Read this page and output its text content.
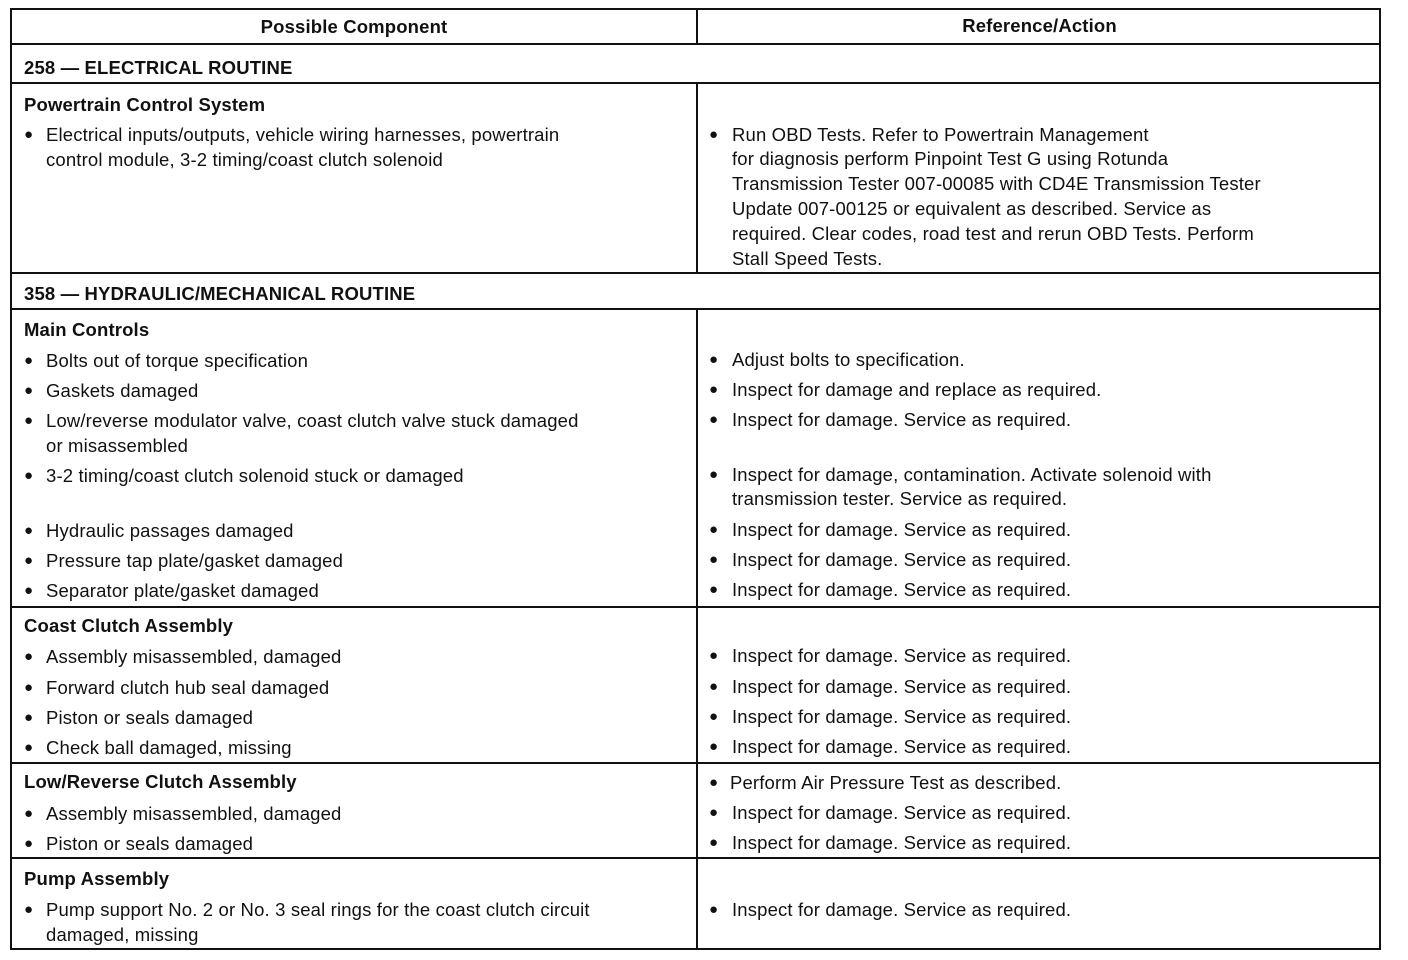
Possible Component	Reference/Action
258 — ELECTRICAL ROUTINE
358 — HYDRAULIC/MECHANICAL ROUTINE
Powertrain Control System
Main Controls
Coast Clutch Assembly
Low/Reverse Clutch Assembly
Pump Assembly
● Electrical inputs/outputs, vehicle wiring harnesses, powertrain
control module, 3-2 timing/coast clutch solenoid
● Run OBD Tests. Refer to Powertrain Management
for diagnosis perform Pinpoint Test G using Rotunda
Transmission Tester 007-00085 with CD4E Transmission Tester
Update 007-00125 or equivalent as described. Service as
required. Clear codes, road test and rerun OBD Tests. Perform
Stall Speed Tests.
● Bolts out of torque specification
● Gaskets damaged
● Low/reverse modulator valve, coast clutch valve stuck damaged
or misassembled
● 3-2 timing/coast clutch solenoid stuck or damaged
● Hydraulic passages damaged
● Pressure tap plate/gasket damaged
● Separator plate/gasket damaged
● Adjust bolts to specification.
● Inspect for damage and replace as required.
● Inspect for damage. Service as required.
● Inspect for damage, contamination. Activate solenoid with
transmission tester. Service as required.
● Inspect for damage. Service as required.
● Inspect for damage. Service as required.
● Inspect for damage. Service as required.
● Assembly misassembled, damaged
● Forward clutch hub seal damaged
● Piston or seals damaged
● Check ball damaged, missing
● Inspect for damage. Service as required.
● Inspect for damage. Service as required.
● Inspect for damage. Service as required.
● Inspect for damage. Service as required.
● Assembly misassembled, damaged
● Piston or seals damaged
● Perform Air Pressure Test as described.
● Inspect for damage. Service as required.
● Inspect for damage. Service as required.
● Pump support No. 2 or No. 3 seal rings for the coast clutch circuit
damaged, missing
● Inspect for damage. Service as required.
